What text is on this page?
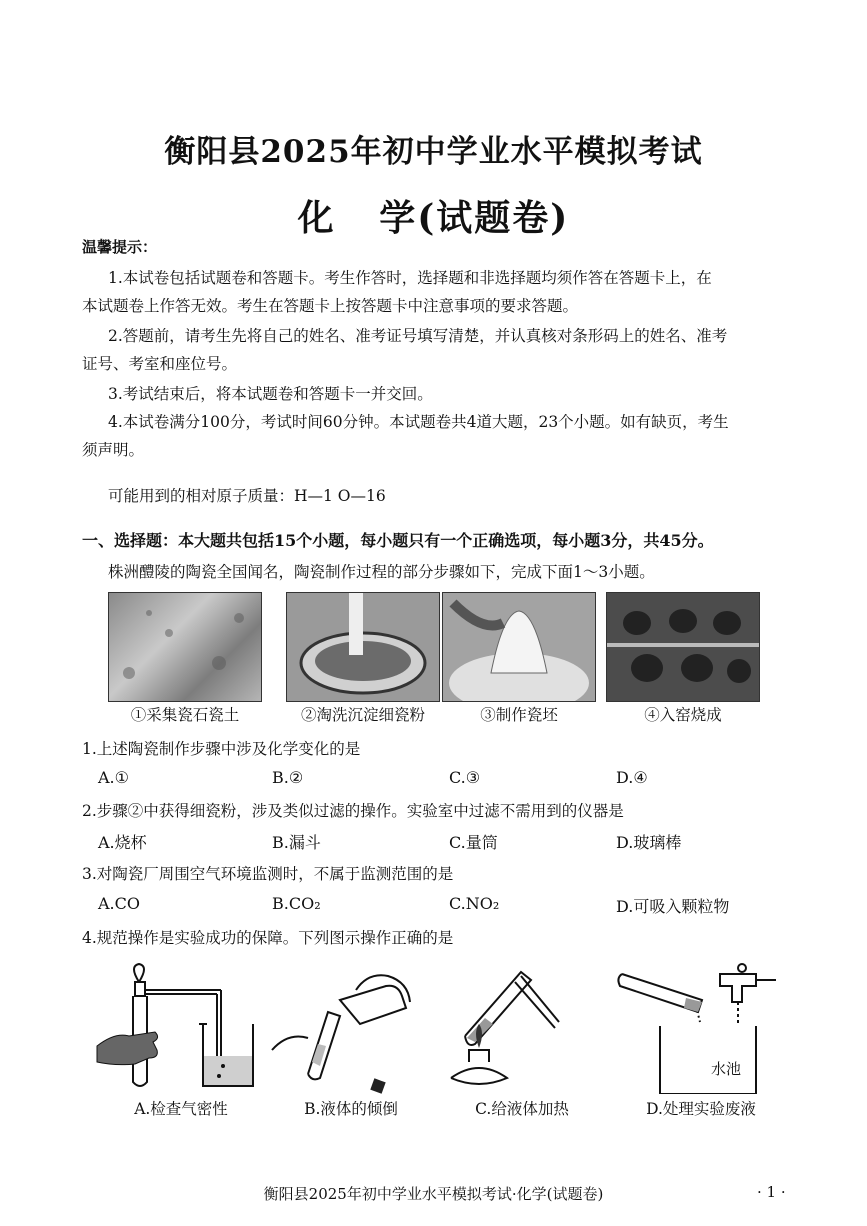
衡阳县2025年初中学业水平模拟考试
化   学(试题卷)
温馨提示：
1.本试卷包括试题卷和答题卡。考生作答时，选择题和非选择题均须作答在答题卡上，在
本试题卷上作答无效。考生在答题卡上按答题卡中注意事项的要求答题。
2.答题前，请考生先将自己的姓名、准考证号填写清楚，并认真核对条形码上的姓名、准考
证号、考室和座位号。
3.考试结束后，将本试题卷和答题卡一并交回。
4.本试卷满分100分，考试时间60分钟。本试题卷共4道大题，23个小题。如有缺页，考生
须声明。
可能用到的相对原子质量：H—1 O—16
一、选择题：本大题共包括15个小题，每小题只有一个正确选项，每小题3分，共45分。
株洲醴陵的陶瓷全国闻名，陶瓷制作过程的部分步骤如下，完成下面1～3小题。
①采集瓷石瓷土	②淘洗沉淀细瓷粉	③制作瓷坯	④入窑烧成
1.上述陶瓷制作步骤中涉及化学变化的是
A.①	B.②	C.③	D.④
2.步骤②中获得细瓷粉，涉及类似过滤的操作。实验室中过滤不需用到的仪器是
A.烧杯	B.漏斗	C.量筒	D.玻璃棒
3.对陶瓷厂周围空气环境监测时，不属于监测范围的是
A.CO	B.CO₂	C.NO₂	D.可吸入颗粒物
4.规范操作是实验成功的保障。下列图示操作正确的是
水池
A.检查气密性	B.液体的倾倒	C.给液体加热	D.处理实验废液
衡阳县2025年初中学业水平模拟考试·化学(试题卷)	· 1 ·
